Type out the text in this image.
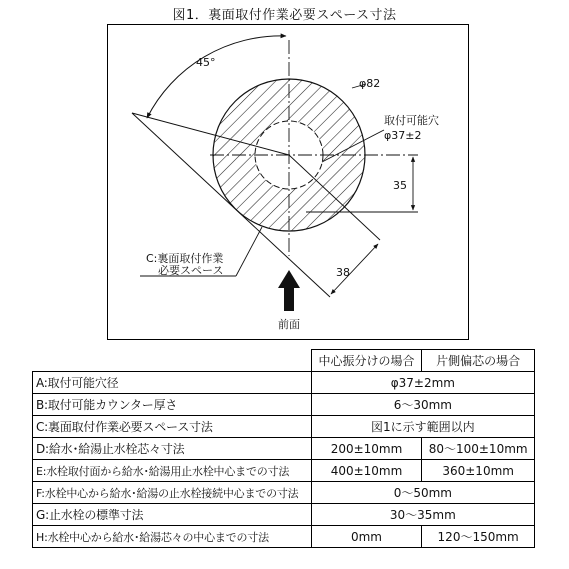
図1．裏面取付作業必要スペース寸法
45°
φ82
取付可能穴
φ37±2
35
38
C:裏面取付作業
必要スペース
前面
	中心振分けの場合	片側偏芯の場合
A:取付可能穴径	φ37±2mm	
B:取付可能カウンター厚さ	6〜30mm	
C:裏面取付作業必要スペース寸法	図1に示す範囲以内	
D:給水･給湯止水栓芯々寸法	200±10mm	80〜100±10mm
E:水栓取付面から給水･給湯用止水栓中心までの寸法	400±10mm	360±10mm
F:水栓中心から給水･給湯の止水栓接続中心までの寸法	0〜50mm	
G:止水栓の標準寸法	30〜35mm	
H:水栓中心から給水･給湯芯々の中心までの寸法	0mm	120〜150mm
